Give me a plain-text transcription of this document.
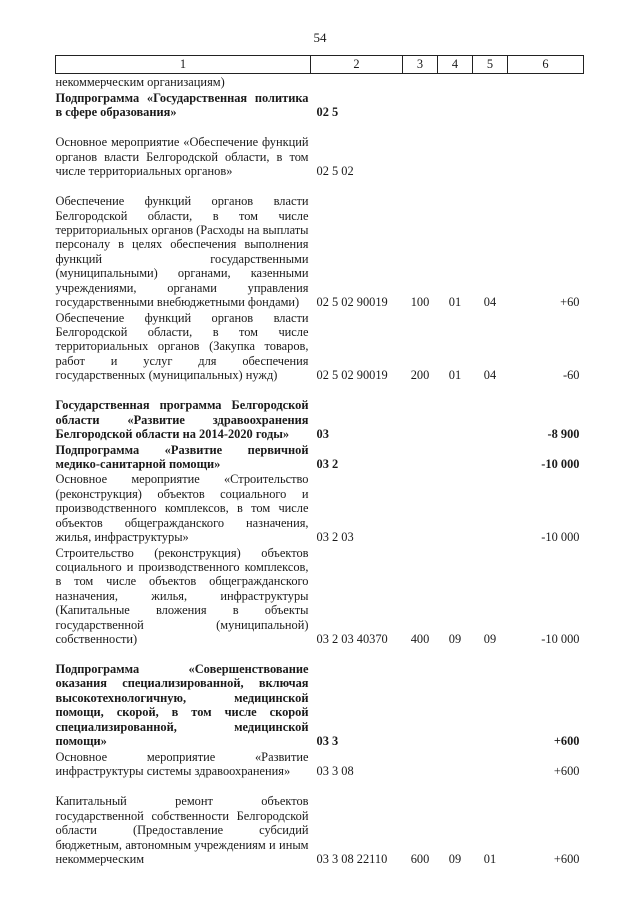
54
1	2	3	4	5	6
некоммерческим организациям)					
Подпрограмма «Государственная политика в сфере образования»	02 5				
Основное мероприятие «Обеспечение функций органов власти Белгородской области, в том числе территориальных органов»	02 5 02				
Обеспечение функций органов власти Белгородской области, в том числе территориальных органов (Расходы на выплаты персоналу в целях обеспечения выполнения функций государственными (муниципальными) органами, казенными учреждениями, органами управления государственными внебюджетными фондами)	02 5 02 90019	100	01	04	+60
Обеспечение функций органов власти Белгородской области, в том числе территориальных органов (Закупка товаров, работ и услуг для обеспечения государственных (муниципальных) нужд)	02 5 02 90019	200	01	04	-60
Государственная программа Белгородской области «Развитие здравоохранения Белгородской области на 2014-2020 годы»	03				-8 900
Подпрограмма «Развитие первичной медико-санитарной помощи»	03 2				-10 000
Основное мероприятие «Строительство (реконструкция) объектов социального и производственного комплексов, в том числе объектов общегражданского назначения, жилья, инфраструктуры»	03 2 03				-10 000
Строительство (реконструкция) объектов социального и производственного комплексов, в том числе объектов общегражданского назначения, жилья, инфраструктуры (Капитальные вложения в объекты государственной (муниципальной) собственности)	03 2 03 40370	400	09	09	-10 000
Подпрограмма «Совершенствование оказания специализированной, включая высокотехнологичную, медицинской помощи, скорой, в том числе скорой специализированной, медицинской помощи»	03 3				+600
Основное мероприятие «Развитие инфраструктуры системы здравоохранения»	03 3 08				+600
Капитальный ремонт объектов государственной собственности Белгородской области (Предоставление субсидий бюджетным, автономным учреждениям и иным некоммерческим	03 3 08 22110	600	09	01	+600
